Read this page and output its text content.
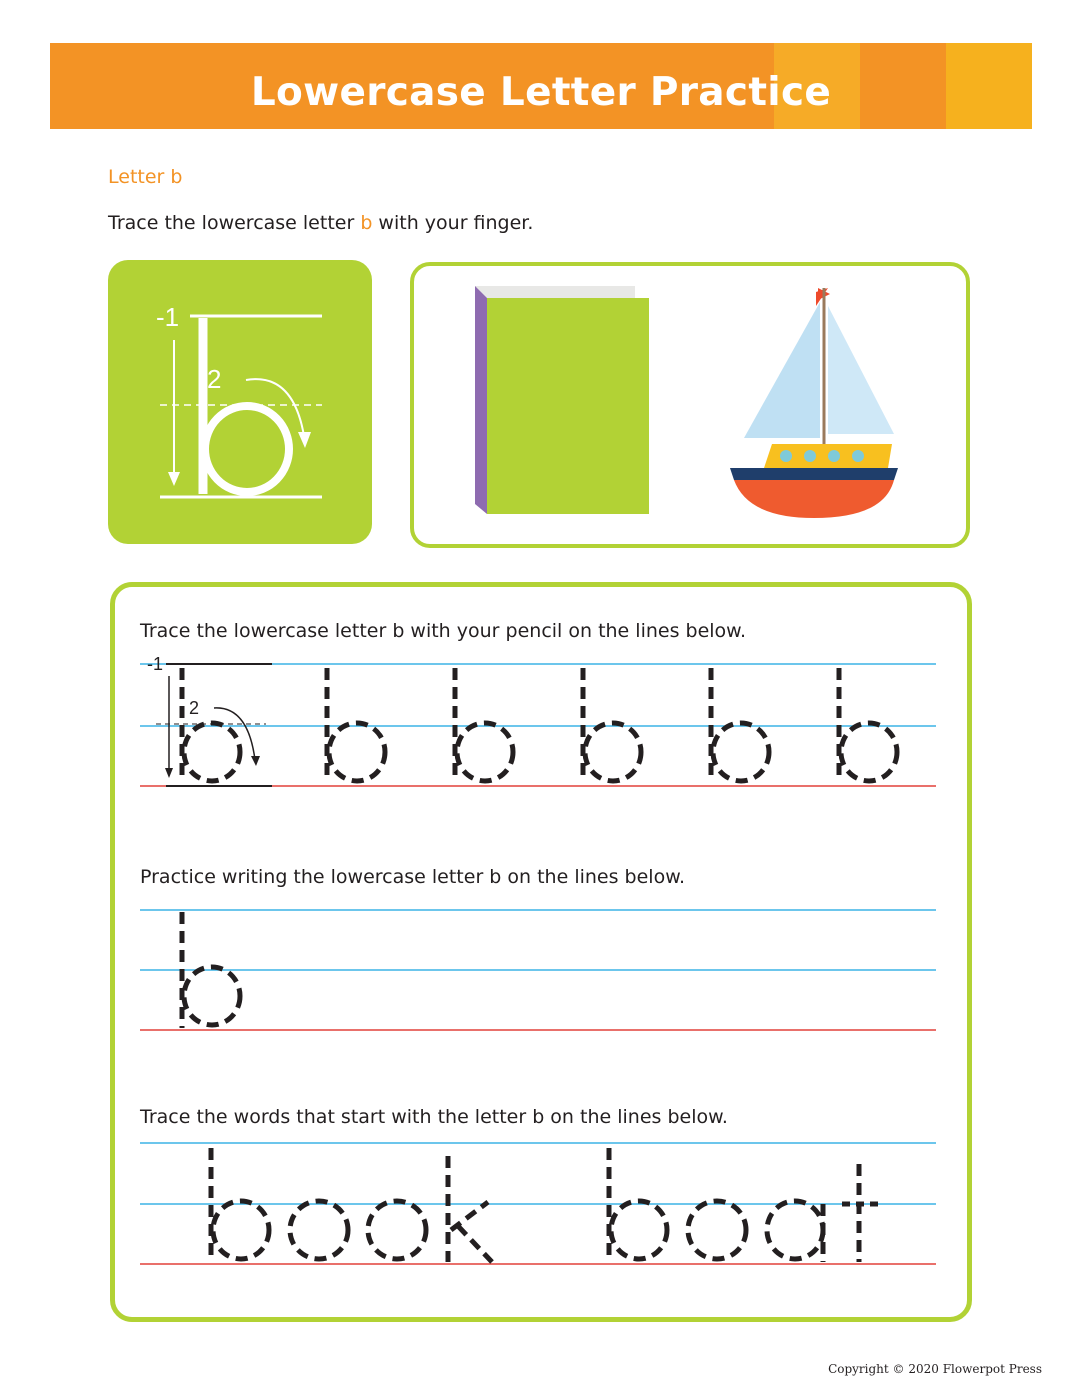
Lowercase Letter Practice
Letter b
Trace the lowercase letter b with your finger.
-1
2
Trace the lowercase letter b with your pencil on the lines below.
Practice writing the lowercase letter b on the lines below.
Trace the words that start with the letter b on the lines below.
-1
2
Copyright © 2020 Flowerpot Press
